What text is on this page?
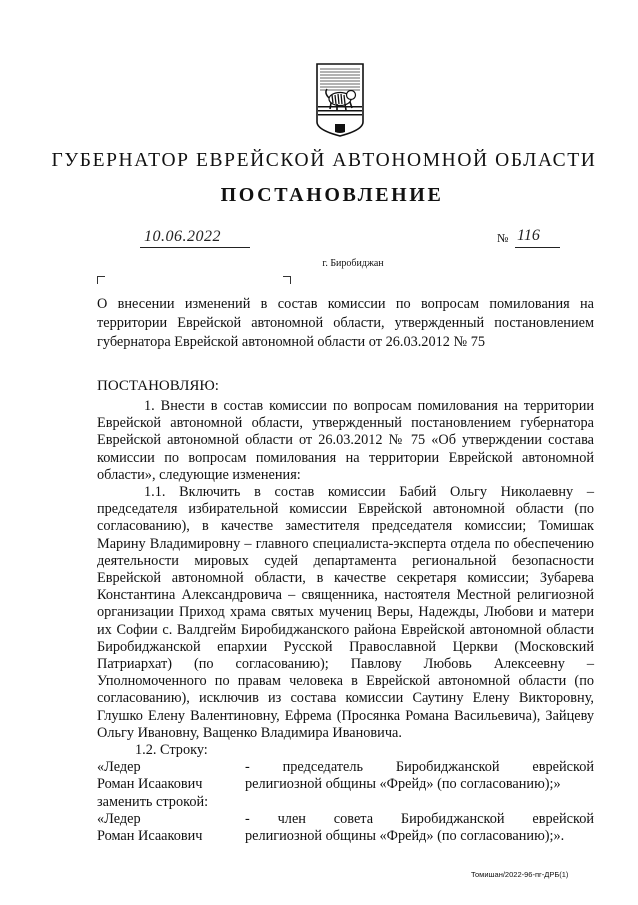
ГУБЕРНАТОР ЕВРЕЙСКОЙ АВТОНОМНОЙ ОБЛАСТИ
ПОСТАНОВЛЕНИЕ
10.06.2022	№ 116
г. Биробиджан
О внесении изменений в состав комиссии по вопросам помилования на территории Еврейской автономной области, утвержденный постановлением губернатора Еврейской автономной области от 26.03.2012 № 75
ПОСТАНОВЛЯЮ:

1. Внести в состав комиссии по вопросам помилования на территории Еврейской автономной области, утвержденный постановлением губернатора Еврейской автономной области от 26.03.2012 № 75 «Об утверждении состава комиссии по вопросам помилования на территории Еврейской автономной области», следующие изменения:

1.1. Включить в состав комиссии Бабий Ольгу Николаевну – председателя избирательной комиссии Еврейской автономной области (по согласованию), в качестве заместителя председателя комиссии; Томишак Марину Владимировну – главного специалиста-эксперта отдела по обеспечению деятельности мировых судей департамента региональной безопасности Еврейской автономной области, в качестве секретаря комиссии; Зубарева Константина Александровича – священника, настоятеля Местной религиозной организации Приход храма святых мучениц Веры, Надежды, Любови и матери их Софии с. Валдгейм Биробиджанского района Еврейской автономной области Биробиджанской епархии Русской Православной Церкви (Московский Патриархат) (по согласованию); Павлову Любовь Алексеевну – Уполномоченного по правам человека в Еврейской автономной области (по согласованию), исключив из состава комиссии Саутину Елену Викторовну, Глушко Елену Валентиновну, Ефрема (Просянка Романа Васильевича), Зайцеву Ольгу Ивановну, Ващенко Владимира Ивановича.

1.2. Строку:

«Ледер	- председатель Биробиджанской еврейской
Роман Исаакович	религиозной общины «Фрейд» (по согласованию);»

заменить строкой:

«Ледер	- член совета Биробиджанской еврейской
Роман Исаакович	религиозной общины «Фрейд» (по согласованию);».
Томишан/2022-96-пг-ДРБ(1)
